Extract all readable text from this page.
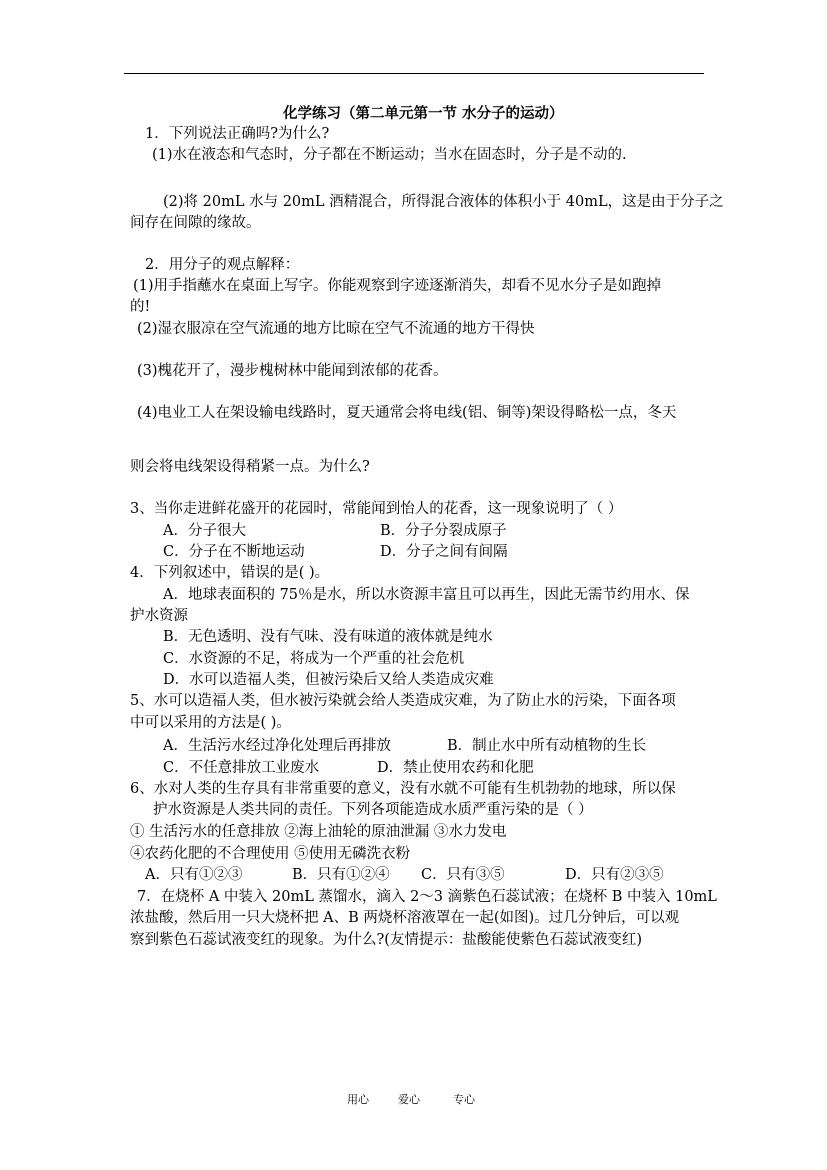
化学练习（第二单元第一节 水分子的运动）
1．下列说法正确吗?为什么?
(1)水在液态和气态时，分子都在不断运动；当水在固态时，分子是不动的.
(2)将 20mL 水与 20mL 酒精混合，所得混合液体的体积小于 40mL，这是由于分子之
间存在间隙的缘故。
2．用分子的观点解释：
(1)用手指蘸水在桌面上写字。你能观察到字迹逐渐消失，却看不见水分子是如跑掉
的!
(2)湿衣服凉在空气流通的地方比晾在空气不流通的地方干得快
(3)槐花开了，漫步槐树林中能闻到浓郁的花香。
(4)电业工人在架设输电线路时，夏天通常会将电线(铝、铜等)架设得略松一点，冬天
则会将电线架设得稍紧一点。为什么?
3、当你走进鲜花盛开的花园时，常能闻到怡人的花香，这一现象说明了（ ）
A．分子很大	B．分子分裂成原子
C．分子在不断地运动	D．分子之间有间隔
4．下列叙述中，错误的是( )。
A．地球表面积的 75％是水，所以水资源丰富且可以再生，因此无需节约用水、保
护水资源
B．无色透明、没有气味、没有味道的液体就是纯水
C．水资源的不足，将成为一个严重的社会危机
D．水可以造福人类，但被污染后又给人类造成灾难
5、水可以造福人类，但水被污染就会给人类造成灾难，为了防止水的污染，下面各项
中可以采用的方法是( )。
A．生活污水经过净化处理后再排放	B．制止水中所有动植物的生长
C．不任意排放工业废水	D．禁止使用农药和化肥
6、水对人类的生存具有非常重要的意义，没有水就不可能有生机勃勃的地球，所以保
护水资源是人类共同的责任。下列各项能造成水质严重污染的是（ ）
① 生活污水的任意排放 ②海上油轮的原油泄漏 ③水力发电
④农药化肥的不合理使用 ⑤使用无磷洗衣粉
A．只有①②③	B．只有①②④ C．只有③⑤	D．只有②③⑤
7．在烧杯 A 中装入 20mL 蒸馏水，滴入 2～3 滴紫色石蕊试液；在烧杯 B 中装入 10mL
浓盐酸，然后用一只大烧杯把 A、B 两烧杯溶液罩在一起(如图)。过几分钟后，可以观
察到紫色石蕊试液变红的现象。为什么?(友情提示：盐酸能使紫色石蕊试液变红)
用心	爱心	专心
